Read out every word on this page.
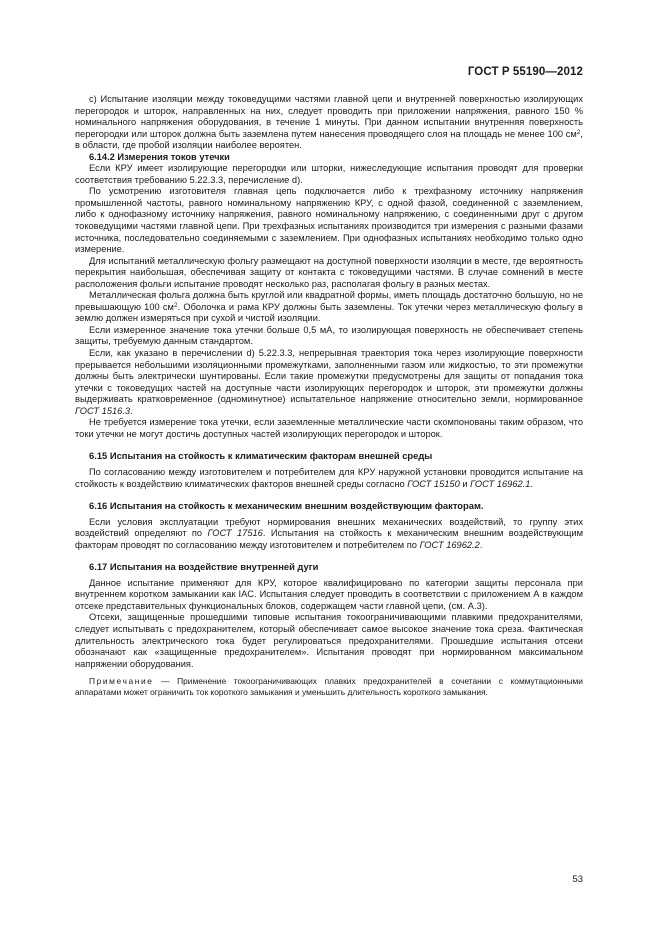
ГОСТ Р 55190—2012

c) Испытание изоляции между токоведущими частями главной цепи и внутренней поверхностью изолирующих перегородок и шторок, направленных на них, следует проводить при приложении напряжения, равного 150 % номинального напряжения оборудования, в течение 1 минуты. При данном испытании внутренняя поверхность перегородки или шторок должна быть заземлена путем нанесения проводящего слоя на площадь не менее 100 $см^2$, в области, где пробой изоляции наиболее вероятен.

6.14.2 Измерения токов утечки

Если КРУ имеет изолирующие перегородки или шторки, нижеследующие испытания проводят для проверки соответствия требованию 5.22.3.3, перечисление d).

По усмотрению изготовителя главная цепь подключается либо к трехфазному источнику напряжения промышленной частоты, равного номинальному напряжению КРУ, с одной фазой, соединенной с заземлением, либо к однофазному источнику напряжения, равного номинальному напряжению, с соединенными друг с другом токоведущими частями главной цепи. При трехфазных испытаниях производится три измерения с разными фазами источника, последовательно соединяемыми с заземлением. При однофазных испытаниях необходимо только одно измерение.

Для испытаний металлическую фольгу размещают на доступной поверхности изоляции в месте, где вероятность перекрытия наибольшая, обеспечивая защиту от контакта с токоведущими частями. В случае сомнений в месте расположения фольги испытание проводят несколько раз, располагая фольгу в разных местах.

Металлическая фольга должна быть круглой или квадратной формы, иметь площадь достаточно большую, но не превышающую 100 $см^2$. Оболочка и рама КРУ должны быть заземлены. Ток утечки через металлическую фольгу в землю должен измеряться при сухой и чистой изоляции.

Если измеренное значение тока утечки больше 0,5 мА, то изолирующая поверхность не обеспечивает степень защиты, требуемую данным стандартом.

Если, как указано в перечислении d) 5.22.3.3, непрерывная траектория тока через изолирующие поверхности прерывается небольшими изоляционными промежутками, заполненными газом или жидкостью, то эти промежутки должны быть электрически шунтированы. Если такие промежутки предусмотрены для защиты от попадания тока утечки с токоведущих частей на доступные части изолирующих перегородок и шторок, эти промежутки должны выдерживать кратковременное (одноминутное) испытательное напряжение относительно земли, нормированное ГОСТ 1516.3.

Не требуется измерение тока утечки, если заземленные металлические части скомпонованы таким образом, что токи утечки не могут достичь доступных частей изолирующих перегородок и шторок.

6.15 Испытания на стойкость к климатическим факторам внешней среды

По согласованию между изготовителем и потребителем для КРУ наружной установки проводится испытание на стойкость к воздействию климатических факторов внешней среды согласно ГОСТ 15150 и ГОСТ 16962.1.

6.16 Испытания на стойкость к механическим внешним воздействующим факторам.

Если условия эксплуатации требуют нормирования внешних механических воздействий, то группу этих воздействий определяют по ГОСТ 17516. Испытания на стойкость к механическим внешним воздействующим факторам проводят по согласованию между изготовителем и потребителем по ГОСТ 16962.2.

6.17 Испытания на воздействие внутренней дуги

Данное испытание применяют для КРУ, которое квалифицировано по категории защиты персонала при внутреннем коротком замыкании как IAC. Испытания следует проводить в соответствии с приложением А в каждом отсеке представительных функциональных блоков, содержащем части главной цепи, (см. А.3).

Отсеки, защищенные прошедшими типовые испытания токоограничивающими плавкими предохранителями, следует испытывать с предохранителем, который обеспечивает самое высокое значение тока среза. Фактическая длительность электрического тока будет регулироваться предохранителями. Прошедшие испытания отсеки обозначают как «защищенные предохранителем». Испытания проводят при нормированном максимальном напряжении оборудования.

Примечание — Применение токоограничивающих плавких предохранителей в сочетании с коммутационными аппаратами может ограничить ток короткого замыкания и уменьшить длительность короткого замыкания.
53
